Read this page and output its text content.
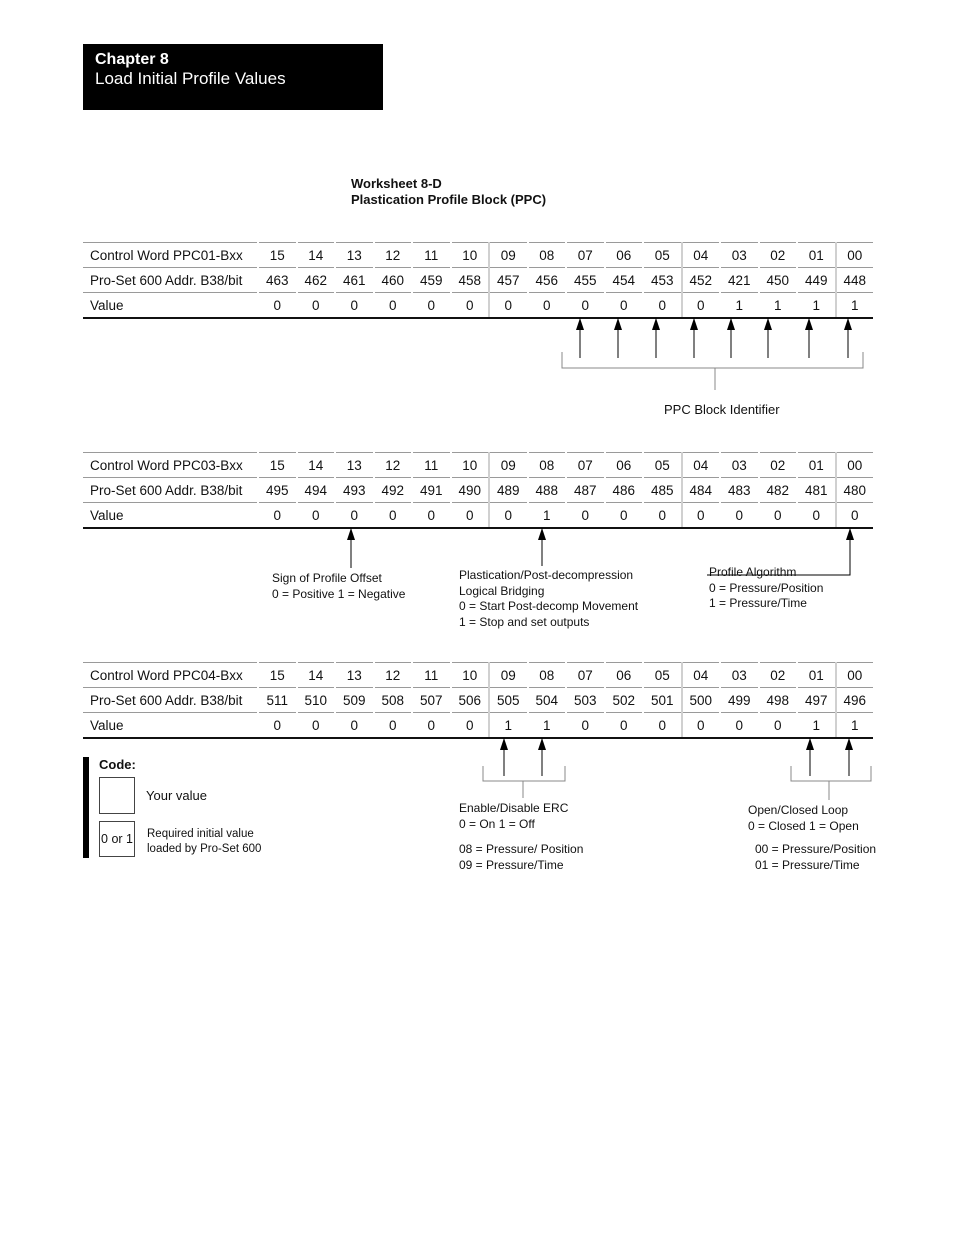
Chapter 8
Load Initial Profile Values
Worksheet 8-D
Plastication Profile Block (PPC)
Control Word PPC01-Bxx	15	14	13	12	11	10	09	08	07	06	05	04	03	02	01	00
Pro-Set 600 Addr. B38/bit	463	462	461	460	459	458	457	456	455	454	453	452	421	450	449	448
Value	0	0	0	0	0	0	0	0	0	0	0	0	1	1	1	1
Control Word PPC03-Bxx	15	14	13	12	11	10	09	08	07	06	05	04	03	02	01	00
Pro-Set 600 Addr. B38/bit	495	494	493	492	491	490	489	488	487	486	485	484	483	482	481	480
Value	0	0	0	0	0	0	0	1	0	0	0	0	0	0	0	0
Control Word PPC04-Bxx	15	14	13	12	11	10	09	08	07	06	05	04	03	02	01	00
Pro-Set 600 Addr. B38/bit	511	510	509	508	507	506	505	504	503	502	501	500	499	498	497	496
Value	0	0	0	0	0	0	1	1	0	0	0	0	0	0	1	1
PPC Block Identifier
Sign of Profile Offset
0 = Positive 1 = Negative
Plastication/Post-decompression
Logical Bridging
0 = Start Post-decomp Movement
1 = Stop and set outputs
Profile Algorithm
0 = Pressure/Position
1 = Pressure/Time
Enable/Disable ERC
0 = On 1 = Off
08 = Pressure/ Position
09 = Pressure/Time
Open/Closed Loop
0 = Closed 1 = Open
00 = Pressure/Position
01 = Pressure/Time
Code:
Your value
0 or 1 Required initial value
loaded by Pro-Set 600
